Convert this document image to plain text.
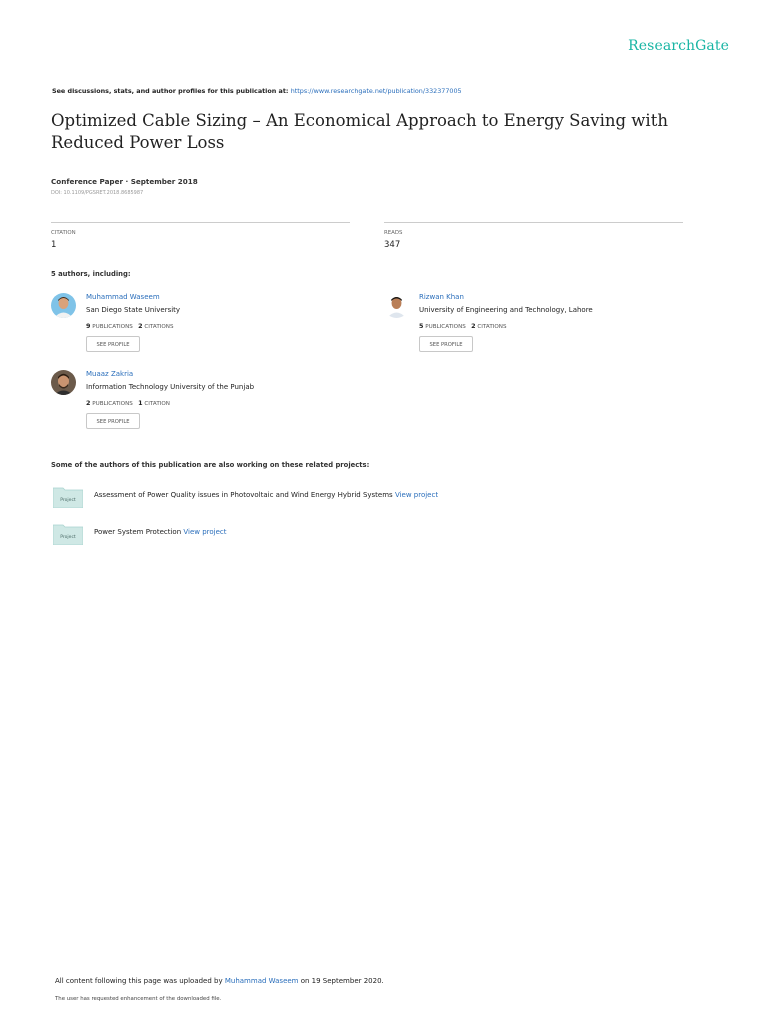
ResearchGate
See discussions, stats, and author profiles for this publication at: https://www.researchgate.net/publication/332377005
Optimized Cable Sizing – An Economical Approach to Energy Saving with Reduced Power Loss
Conference Paper · September 2018
DOI: 10.1109/PGSRET.2018.8685987
CITATION
1
READS
347
5 authors, including:
Muhammad Waseem
San Diego State University
9 PUBLICATIONS 2 CITATIONS
SEE PROFILE
Rizwan Khan
University of Engineering and Technology, Lahore
5 PUBLICATIONS 2 CITATIONS
SEE PROFILE
Muaaz Zakria
Information Technology University of the Punjab
2 PUBLICATIONS 1 CITATION
SEE PROFILE
Some of the authors of this publication are also working on these related projects:
Project
Assessment of Power Quality issues in Photovoltaic and Wind Energy Hybrid Systems View project
Project
Power System Protection View project
All content following this page was uploaded by Muhammad Waseem on 19 September 2020.
The user has requested enhancement of the downloaded file.
